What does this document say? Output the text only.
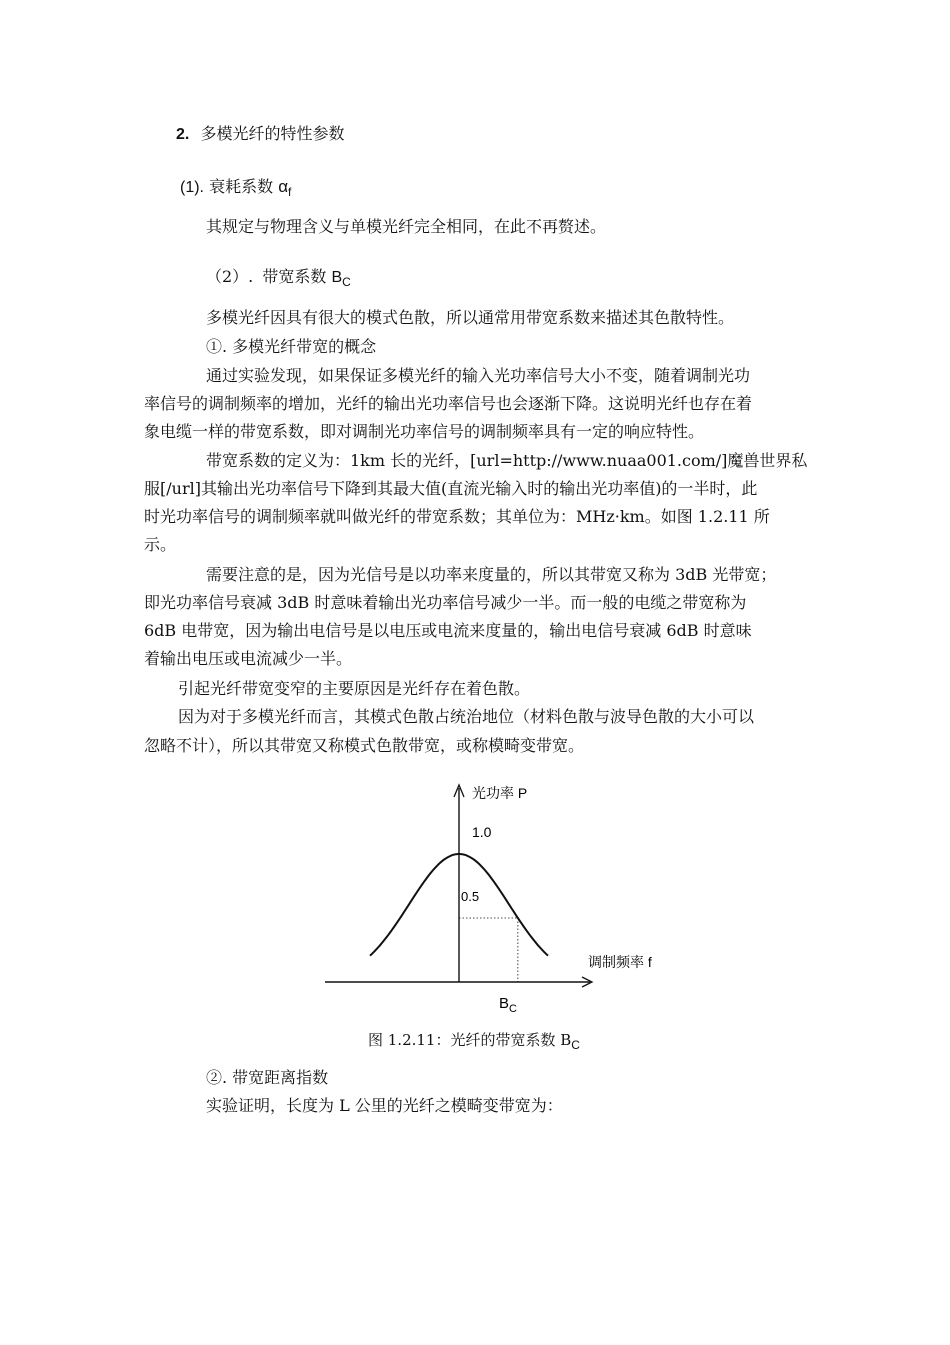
2. 多模光纤的特性参数
(1). 衰耗系数 $\alpha_f$
其规定与物理含义与单模光纤完全相同，在此不再赘述。
（2）. 带宽系数 $B_C$
多模光纤因具有很大的模式色散，所以通常用带宽系数来描述其色散特性。
①. 多模光纤带宽的概念
通过实验发现，如果保证多模光纤的输入光功率信号大小不变，随着调制光功
率信号的调制频率的增加，光纤的输出光功率信号也会逐渐下降。这说明光纤也存在着
象电缆一样的带宽系数，即对调制光功率信号的调制频率具有一定的响应特性。
带宽系数的定义为：1km 长的光纤，[url=http://www.nuaa001.com/]魔兽世界私
服[/url]其输出光功率信号下降到其最大值(直流光输入时的输出光功率值)的一半时，此
时光功率信号的调制频率就叫做光纤的带宽系数；其单位为：MHz·km。如图 1.2.11 所
示。
需要注意的是，因为光信号是以功率来度量的，所以其带宽又称为 3dB 光带宽；
即光功率信号衰减 3dB 时意味着输出光功率信号减少一半。而一般的电缆之带宽称为
6dB 电带宽，因为输出电信号是以电压或电流来度量的，输出电信号衰减 6dB 时意味
着输出电压或电流减少一半。
引起光纤带宽变窄的主要原因是光纤存在着色散。
因为对于多模光纤而言，其模式色散占统治地位（材料色散与波导色散的大小可以
忽略不计），所以其带宽又称模式色散带宽，或称模畸变带宽。
光功率 P
1.0
0.5
调制频率 f
$B_C$
图 1.2.11：光纤的带宽系数 $B_C$
②. 带宽距离指数
实验证明，长度为 L 公里的光纤之模畸变带宽为：
